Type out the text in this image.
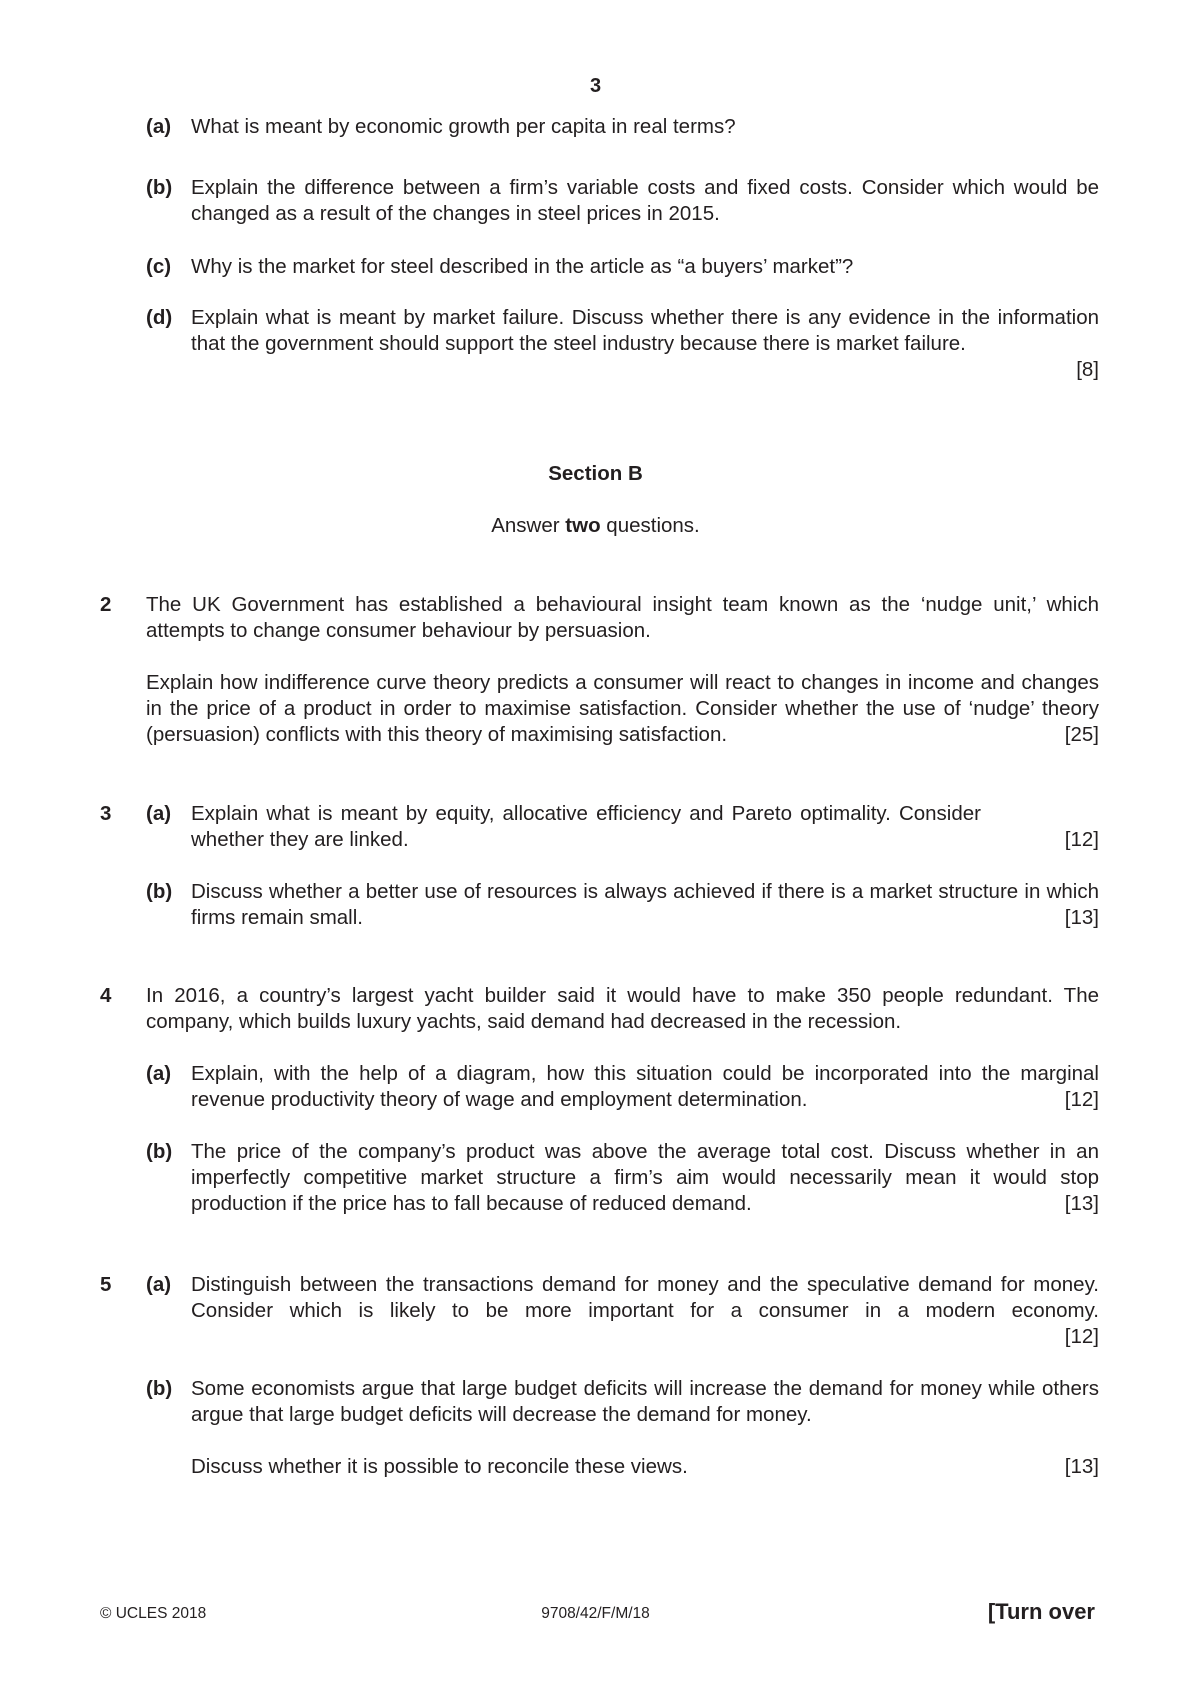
3
(a) What is meant by economic growth per capita in real terms?
(b) Explain the difference between a firm’s variable costs and fixed costs. Consider which would be changed as a result of the changes in steel prices in 2015.
(c) Why is the market for steel described in the article as “a buyers’ market”?
(d) Explain what is meant by market failure. Discuss whether there is any evidence in the information that the government should support the steel industry because there is market failure.
[8]
Section B
Answer two questions.
2 The UK Government has established a behavioural insight team known as the ‘nudge unit,’ which attempts to change consumer behaviour by persuasion.
Explain how indifference curve theory predicts a consumer will react to changes in income and changes in the price of a product in order to maximise satisfaction. Consider whether the use of ‘nudge’ theory (persuasion) conflicts with this theory of maximising satisfaction.	[25]
3 (a) Explain what is meant by equity, allocative efficiency and Pareto optimality. Consider whether they are linked.	[12]
(b) Discuss whether a better use of resources is always achieved if there is a market structure in which firms remain small.	[13]
4 In 2016, a country’s largest yacht builder said it would have to make 350 people redundant. The company, which builds luxury yachts, said demand had decreased in the recession.
(a) Explain, with the help of a diagram, how this situation could be incorporated into the marginal revenue productivity theory of wage and employment determination.	[12]
(b) The price of the company’s product was above the average total cost. Discuss whether in an imperfectly competitive market structure a firm’s aim would necessarily mean it would stop production if the price has to fall because of reduced demand.	[13]
5 (a) Distinguish between the transactions demand for money and the speculative demand for money. Consider which is likely to be more important for a consumer in a modern economy.
[12]
(b) Some economists argue that large budget deficits will increase the demand for money while others argue that large budget deficits will decrease the demand for money.
Discuss whether it is possible to reconcile these views.	[13]
© UCLES 2018	9708/42/F/M/18	[Turn over
